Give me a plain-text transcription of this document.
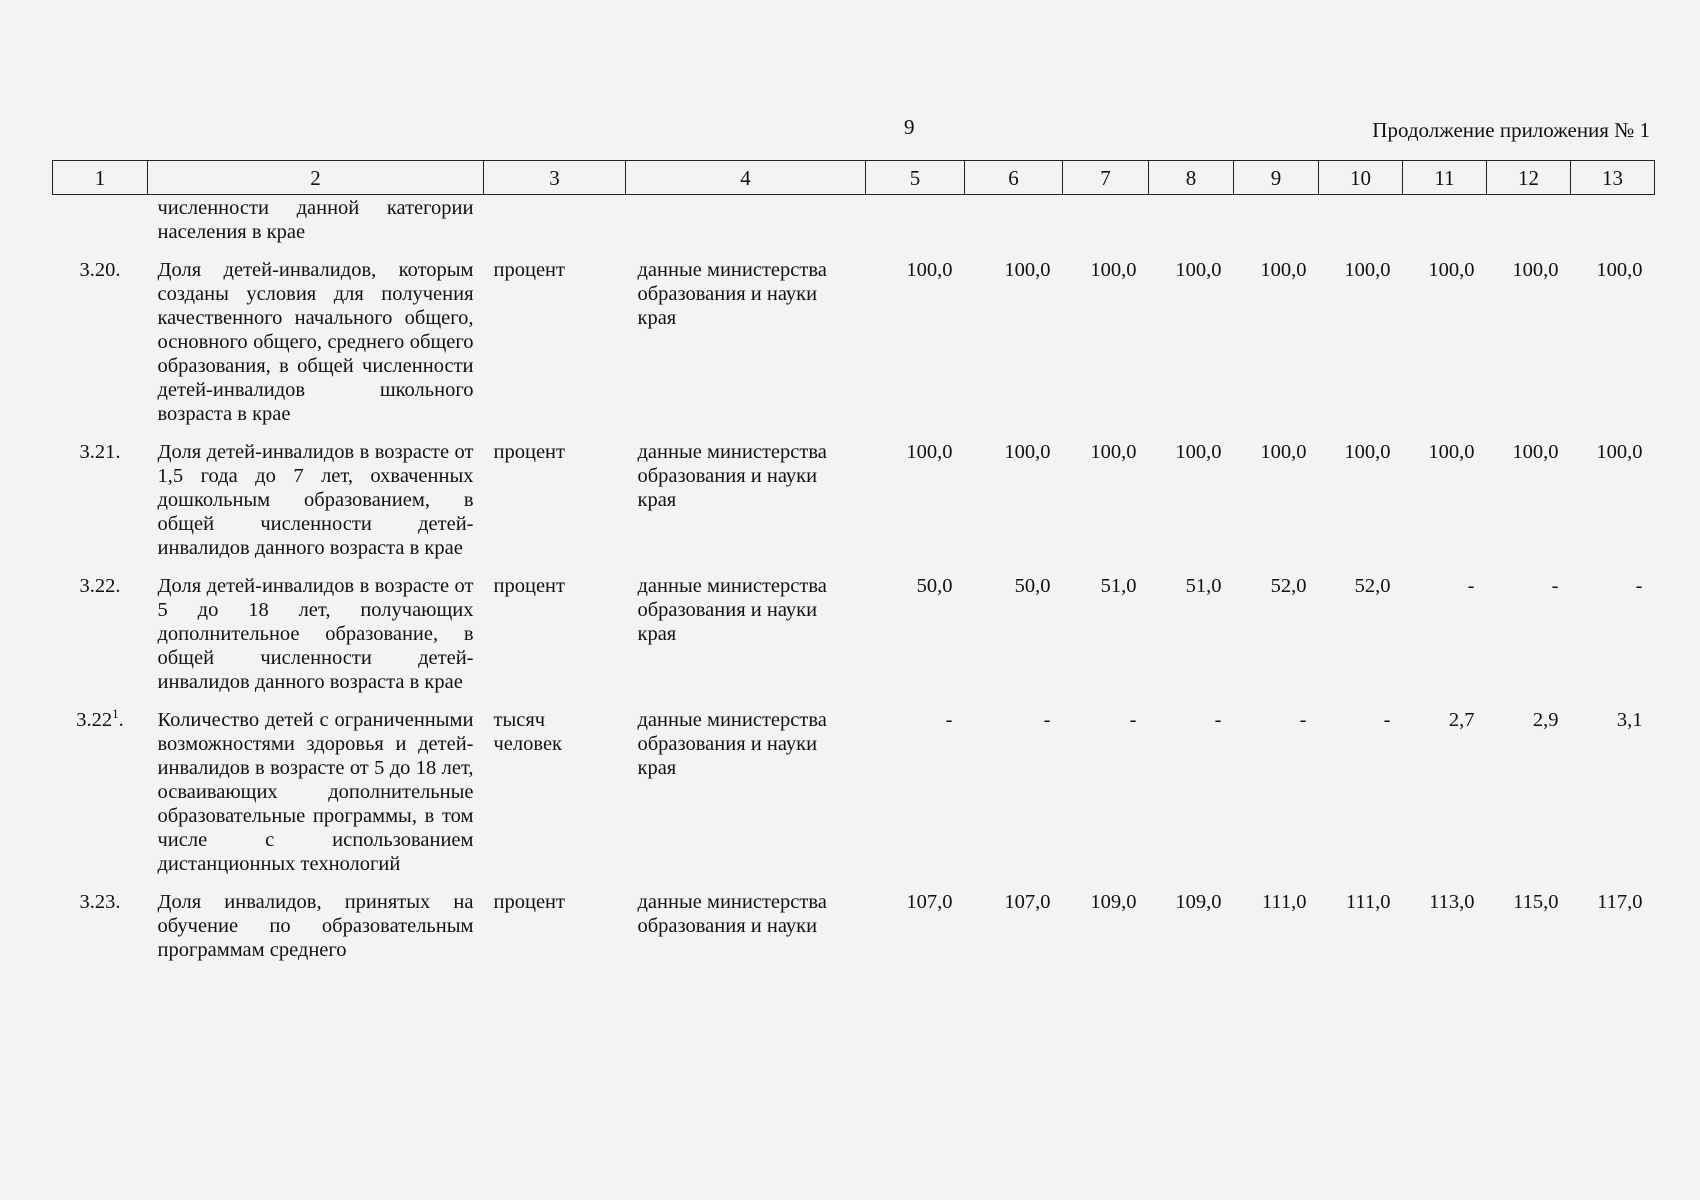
9	Продолжение приложения № 1
1	2	3	4	5	6	7	8	9	10	11	12	13
	численности данной категории населения в крае											
3.20.	Доля детей-инвалидов, которым созданы условия для получения качественного начального общего, основного общего, среднего общего образования, в общей численности детей-инвалидов школьного возраста в крае	процент	данные министерства образования и науки края	100,0	100,0	100,0	100,0	100,0	100,0	100,0	100,0	100,0
3.21.	Доля детей-инвалидов в возрасте от 1,5 года до 7 лет, охваченных дошкольным образованием, в общей численности детей-инвалидов данного возраста в крае	процент	данные министерства образования и науки края	100,0	100,0	100,0	100,0	100,0	100,0	100,0	100,0	100,0
3.22.	Доля детей-инвалидов в возрасте от 5 до 18 лет, получающих дополнительное образование, в общей численности детей-инвалидов данного возраста в крае	процент	данные министерства образования и науки края	50,0	50,0	51,0	51,0	52,0	52,0	-	-	-
3.22$^1$.	Количество детей с ограниченными возможностями здоровья и детей-инвалидов в возрасте от 5 до 18 лет, осваивающих дополнительные образовательные программы, в том числе с использованием дистанционных технологий	тысяч человек	данные министерства образования и науки края	-	-	-	-	-	-	2,7	2,9	3,1
3.23.	Доля инвалидов, принятых на обучение по образовательным программам среднего	процент	данные министерства образования и науки	107,0	107,0	109,0	109,0	111,0	111,0	113,0	115,0	117,0
